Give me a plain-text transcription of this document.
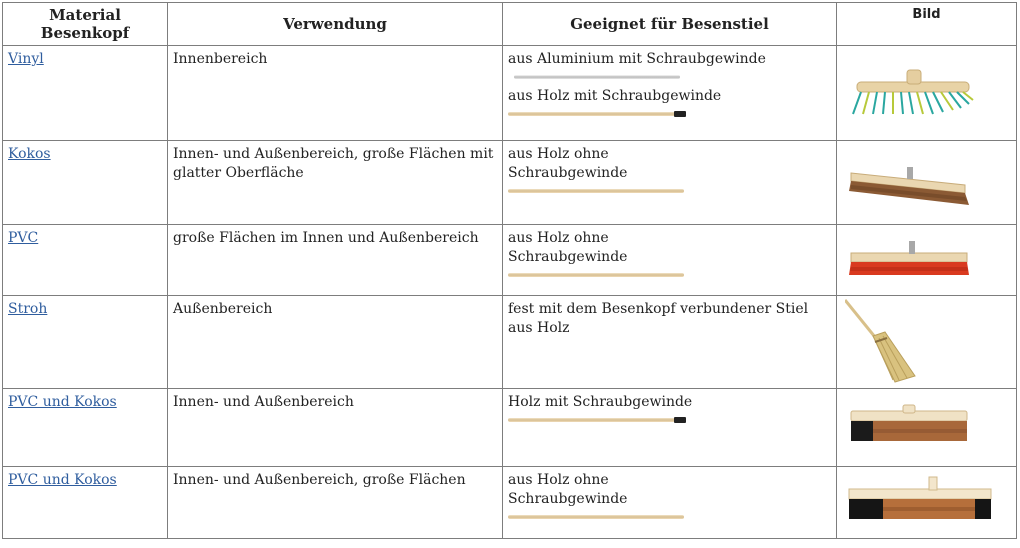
Material Besenkopf	Verwendung	Geeignet für Besenstiel	Bild
Vinyl	Innenbereich	aus Aluminium mit Schraubgewinde
aus Holz mit Schraubgewinde

Kokos	Innen- und Außenbereich, große Flächen mit glatter Oberfläche	aus Holz ohne Schraubgewinde

PVC	große Flächen im Innen und Außenbereich	aus Holz ohne Schraubgewinde

Stroh	Außenbereich	fest mit dem Besenkopf verbundener Stiel aus Holz	

PVC und Kokos	Innen- und Außenbereich	Holz mit Schraubgewinde

PVC und Kokos	Innen- und Außenbereich, große Flächen	aus Holz ohne Schraubgewinde
